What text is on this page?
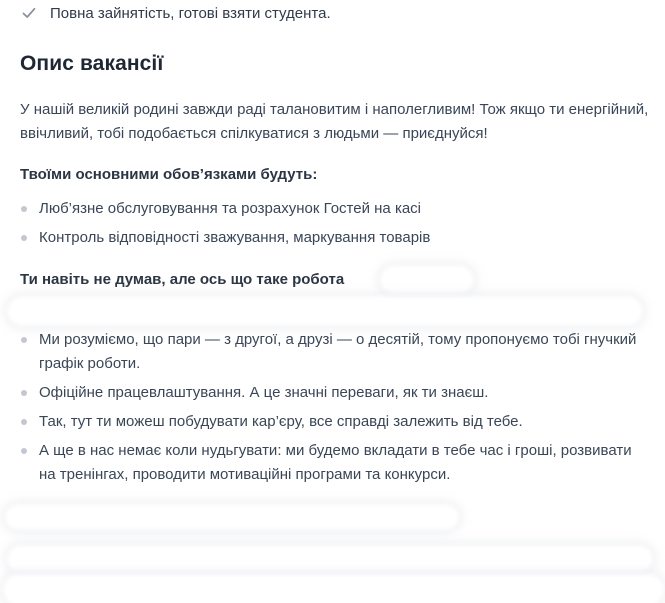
Повна зайнятість, готові взяти студента.
Опис вакансії

У нашій великій родині завжди раді талановитим і наполегливим! Тож якщо ти енергійний, ввічливий, тобі подобається спілкуватися з людьми — приєднуйся!

Твоїми основними обов’язками будуть:
Люб’язне обслуговування та розрахунок Гостей на касі
Контроль відповідності зважування, маркування товарів
Ти навіть не думав, але ось що таке робота
Ми розуміємо, що пари — з другої, а друзі — о десятій, тому пропонуємо тобі гнучкий графік роботи.
Офіційне працевлаштування. А це значні переваги, як ти знаєш.
Так, тут ти можеш побудувати кар’єру, все справді залежить від тебе.
А ще в нас немає коли нудьгувати: ми будемо вкладати в тебе час і гроші, розвивати на тренінгах, проводити мотиваційні програми та конкурси.
